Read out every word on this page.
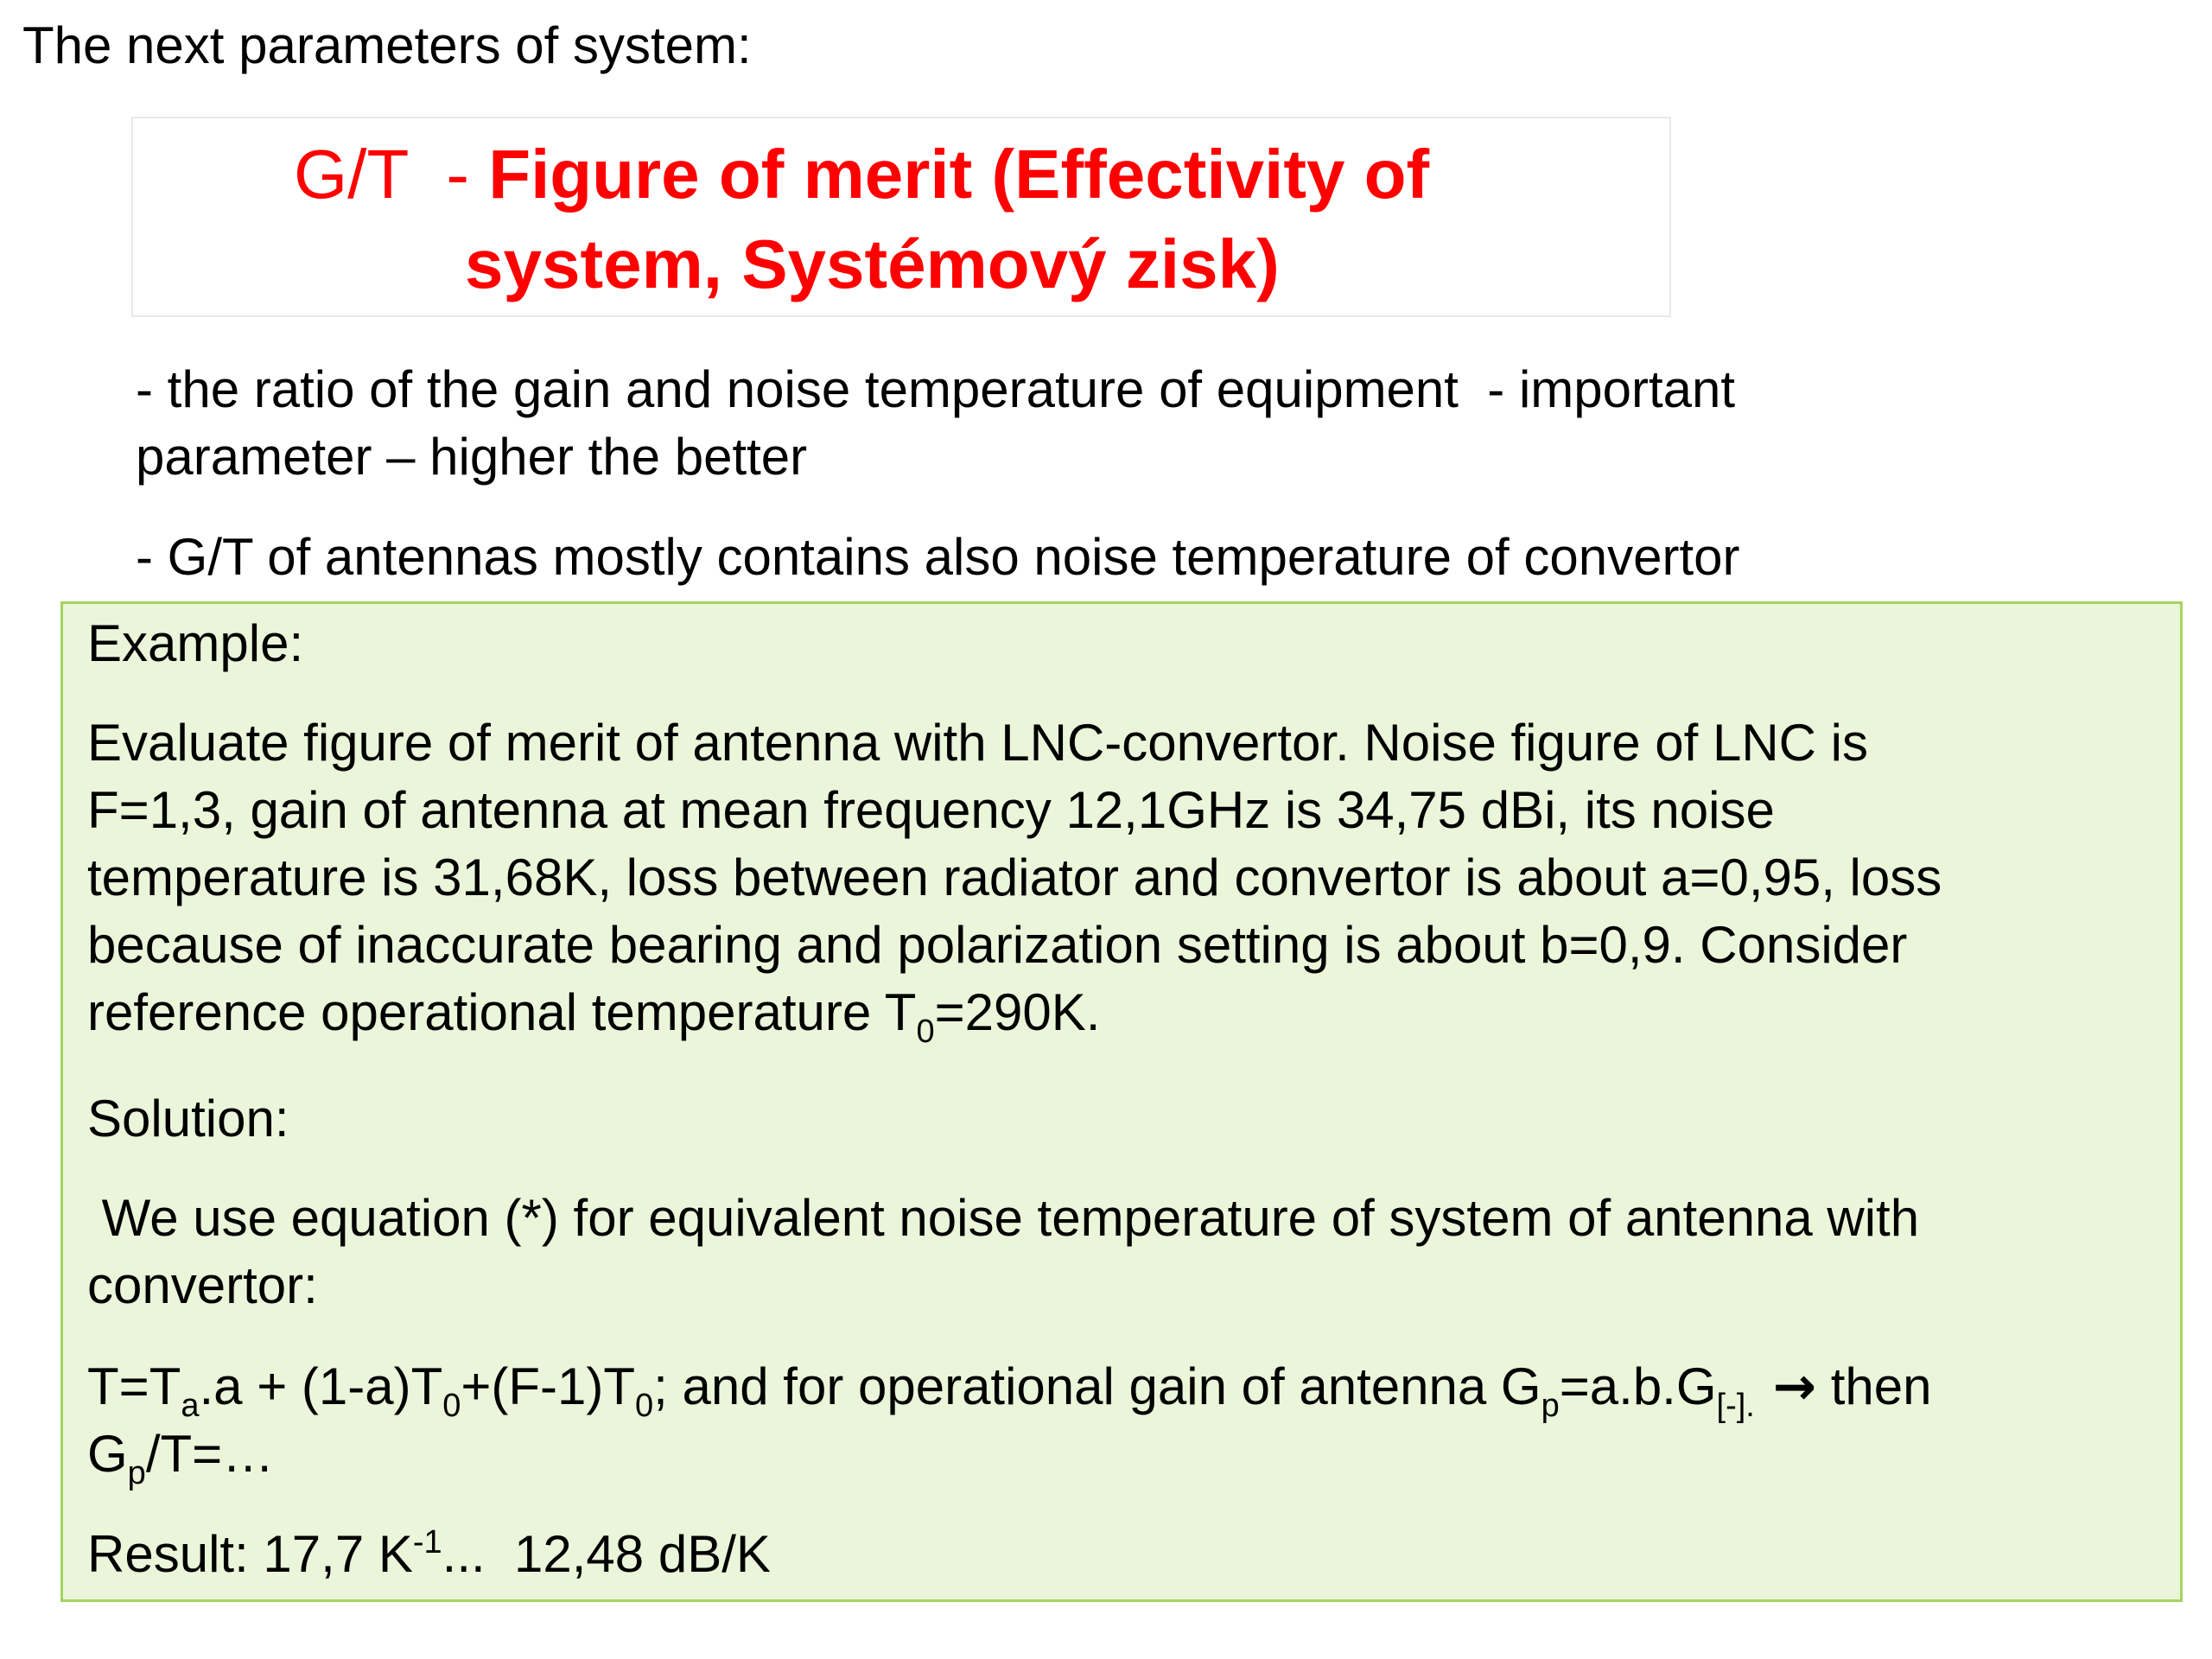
The next parameters of system:

G/T  - Figure of merit (Effectivity of

system, Systémový zisk)

- the ratio of the gain and noise temperature of equipment  - important
parameter – higher the better

- G/T of antennas mostly contains also noise temperature of convertor

Example:

Evaluate figure of merit of antenna with LNC-convertor. Noise figure of LNC is
F=1,3, gain of antenna at mean frequency 12,1GHz is 34,75 dBi, its noise
temperature is 31,68K, loss between radiator and convertor is about a=0,95, loss
because of inaccurate bearing and polarization setting is about b=0,9. Consider
reference operational temperature $T_0=290K$.

Solution:

We use equation (*) for equivalent noise temperature of system of antenna with
convertor:

$T=T_a.a + (1-a)T_0+(F-1)T_0$; and for operational gain of antenna $G_p=a.b.G_{[-].}$ → then
$G_p/T=\dots$

Result: 17,7 $K^{-1}$...  12,48 dB/K
